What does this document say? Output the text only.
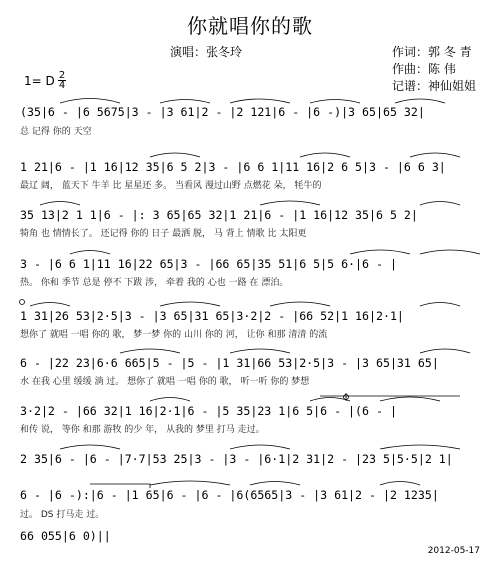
你就唱你的歌
演唱：张冬玲	作词：郭 冬 青
作曲：陈 伟
记谱：神仙姐姐
1= D 2
4
(35|6 - |6 5675|3 - |3 61|2 - |2 121|6 - |6 -)|3 65|65 32|
总 记得 你的 天空
1 21|6 - |1 16|12 35|6 5 2|3 - |6 6 1|11 16|2 6 5|3 - |6 6 3|
最辽 阔， 蓝天下 牛羊 比 星星还 多。 当看风 漫过山野 点燃花 朵， 牦牛的
35 13|2 1 1|6 - |: 3 65|65 32|1 21|6 - |1 16|12 35|6 5 2|
犄角 也 情情长了。 还记得 你的 日子 最洒 脱， 马 背上 情歌 比 太阳更
3 - |6 6 1|11 16|22 65|3 - |66 65|35 51|6 5|5 6·|6 - |
热。 你和 季节 总是 停不 下跋 涉， 牵着 我的 心也 一路 在 漂泊。
1 31|26 53|2·5|3 - |3 65|31 65|3·2|2 - |66 52|1 16|2·1|
想你了 就唱 一唱 你的 歌， 梦一梦 你的 山川 你的 河， 让你 和那 清清 的流
6 - |22 23|6·6 665|5 - |5 - |1 31|66 53|2·5|3 - |3 65|31 65|
水 在我 心里 缓缓 淌 过。 想你了 就唱 一唱 你的 歌， 听一听 你的 梦想
3·2|2 - |66 32|1 16|2·1|6 - |5 35|23 1|6 5|6 - |(6 - |
和传 说， 等你 和那 游牧 的少 年， 从我的 梦里 打马 走过。
2 35|6 - |6 - |7·7|53 25|3 - |3 - |6·1|2 31|2 - |23 5|5·5|2 1|
6 - |6 -):|6 - |1 65|6 - |6 - |6(6565|3 - |3 61|2 - |2 1235|
过。 DS 打马走 过。
66 055|6 0)||
2012-05-17
